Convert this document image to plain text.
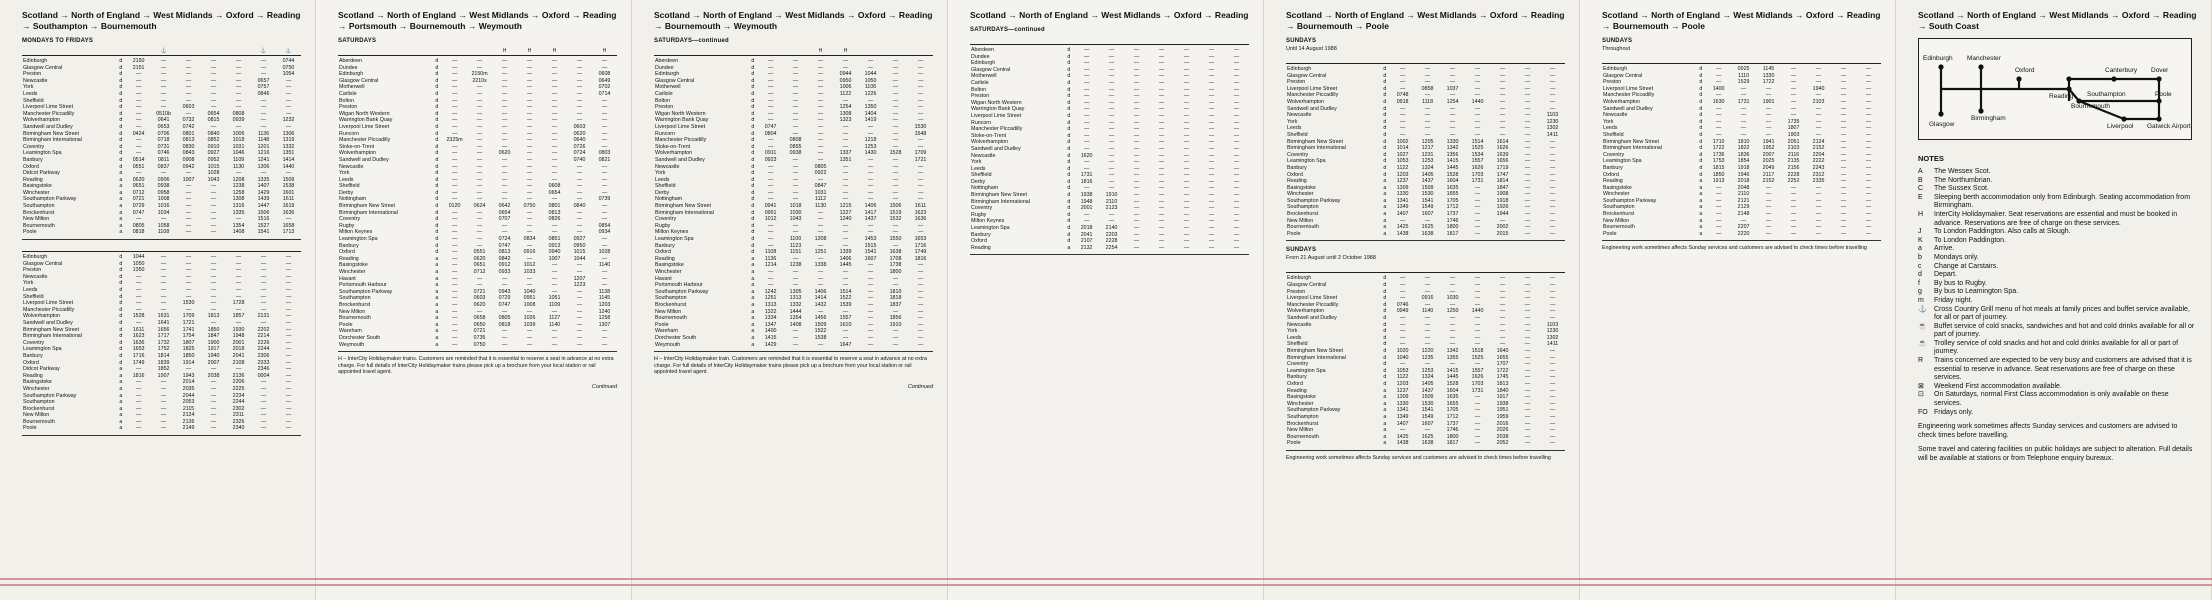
Scotland → North of England → West Midlands → Oxford → Reading → Southampton → Bournemouth
MONDAYS TO FRIDAYS
			⚓				⚓	⚓

Edinburgh	d	2150	—	—	—	—	—	0744
Glasgow Central	d	2151	—	—	—	—	—	0750
Preston	d	—	—	—	—	—	—	1054
Newcastle	d	—	—	—	—	—	0657	—
York	d	—	—	—	—	—	0757	—
Leeds	d	—	—	—	—	—	0846	—
Sheffield	d	—	—	—	—	—	—	—
Liverpool Lime Street	d	—	—	0603	—	—	—	—
Manchester Piccadilly	d	—	0510b	—	0654	0808	—	—
Wolverhampton	d	—	0641	0732	0815	0939	—	1232
Sandwell and Dudley	d	—	0653	0742	—	—	—	—
Birmingham New Street	d	0424	0706	0801	0840	1006	1136	1306
Birmingham International	d	—	0718	0813	0852	1018	1148	1319
Coventry	d	—	0731	0830	0910	1031	1201	1332
Leamington Spa	d	—	0746	0843	0927	1046	1216	1351
Banbury	d	0514	0811	0908	0952	1109	1241	1414
Oxford	d	0551	0837	0942	1015	1130	1306	1440
Didcot Parkway	a	—	—	—	1028	—	—	—
Reading	a	0620	0906	1007	1043	1208	1335	1509
Basingstoke	a	0651	0938	—	—	1238	1407	1538
Winchester	a	0712	0958	—	—	1258	1429	1601
Southampton Parkway	a	0721	1008	—	—	1308	1439	1611
Southampton	a	0729	1016	—	—	1316	1447	1619
Brockenhurst	a	0747	1034	—	—	1335	1506	1636
New Milton	a	—	—	—	—	—	1516	—
Bournemouth	a	0805	1058	—	—	1354	1527	1658
Poole	a	0818	1108	—	—	1408	1541	1713

Edinburgh	d	1044	—	—	—	—	—	—
Glasgow Central	d	1050	—	—	—	—	—	—
Preston	d	1350	—	—	—	—	—	—
Newcastle	d	—	—	—	—	—	—	—
York	d	—	—	—	—	—	—	—
Leeds	d	—	—	—	—	—	—	—
Sheffield	d	—	—	—	—	—	—	—
Liverpool Lime Street	d	—	—	1530	—	1728	—	—
Manchester Piccadilly	d	—	—	—	—	—	—	—
Wolverhampton	d	1528	1631	1709	1813	1857	2131	—
Sandwell and Dudley	d	—	1641	1721	—	—	—	—
Birmingham New Street	d	1611	1656	1741	1850	1930	2202	—
Birmingham International	d	1623	1717	1754	1847	1948	2214	—
Coventry	d	1636	1732	1807	1900	2001	2226	—
Leamington Spa	d	1653	1752	1825	1917	2018	2244	—
Banbury	d	1716	1814	1850	1940	2041	2306	—
Oxford	d	1749	1839	1914	2007	2108	2333	—
Didcot Parkway	a	—	1852	—	—	—	2346	—
Reading	a	1816	1907	1943	2038	2136	0004	—
Basingstoke	a	—	—	2014	—	2206	—	—
Winchester	a	—	—	2035	—	2225	—	—
Southampton Parkway	a	—	—	2044	—	2234	—	—
Southampton	a	—	—	2053	—	2244	—	—
Brockenhurst	a	—	—	2115	—	2302	—	—
New Milton	a	—	—	2124	—	2311	—	—
Bournemouth	a	—	—	2136	—	2326	—	—
Poole	a	—	—	2149	—	2340	—	—
Scotland → North of England → West Midlands → Oxford → Reading → Portsmouth → Bournemouth → Weymouth
SATURDAYS
				H	H	H		H

Aberdeen	d	—	—	—	—	—	—	—
Dundee	d	—	—	—	—	—	—	—
Edinburgh	d	—	2150m	—	—	—	—	0608
Glasgow Central	d	—	2210s	—	—	—	—	0649
Motherwell	d	—	—	—	—	—	—	0702
Carlisle	d	—	—	—	—	—	—	0714
Bolton	d	—	—	—	—	—	—	—
Preston	d	—	—	—	—	—	—	—
Wigan North Western	d	—	—	—	—	—	—	—
Warrington Bank Quay	d	—	—	—	—	—	—	—
Liverpool Lime Street	d	—	—	—	—	—	0603	—
Runcorn	d	—	—	—	—	—	0620	—
Manchester Piccadilly	d	2325m	—	—	—	—	0640	—
Stoke-on-Trent	d	—	—	—	—	—	0726	—
Wolverhampton	d	—	—	0620	—	—	0724	0803
Sandwell and Dudley	d	—	—	—	—	—	0740	0821
Newcastle	d	—	—	—	—	—	—	—
York	d	—	—	—	—	—	—	—
Leeds	d	—	—	—	—	—	—	—
Sheffield	d	—	—	—	—	0608	—	—
Derby	d	—	—	—	—	0654	—	—
Nottingham	d	—	—	—	—	—	—	0739
Birmingham New Street	d	0120	0624	0642	0750	0801	0840	—
Birmingham International	d	—	—	0654	—	0813	—	—
Coventry	d	—	—	0707	—	0826	—	—
Rugby	d	—	—	—	—	—	—	0854
Milton Keynes	d	—	—	—	—	—	—	0934
Leamington Spa	d	—	—	0724	0834	0851	0927	—
Banbury	d	—	—	0747	—	0913	0950	—
Oxford	d	—	0551	0813	0916	0940	1015	1028
Reading	a	—	0620	0842	—	1007	1044	—
Basingstoke	a	—	0651	0912	1012	—	—	1140
Winchester	a	—	0712	0933	1033	—	—	—
Havant	a	—	—	—	—	—	1207	—
Portsmouth Harbour	a	—	—	—	—	—	1223	—
Southampton Parkway	a	—	0721	0943	1040	—	—	1138
Southampton	a	—	0603	0729	0951	1051	—	1145
Brockenhurst	a	—	0620	0747	1008	1109	—	1203
New Milton	a	—	—	—	—	—	—	1240
Bournemouth	a	—	0658	0805	1026	1127	—	1258
Poole	a	—	0650	0818	1039	1140	—	1307
Wareham	a	—	0721	—	—	—	—	—
Dorchester South	a	—	0735	—	—	—	—	—
Weymouth	a	—	0750	—	—	—	—	—
H – InterCity Holidaymaker trains. Customers are reminded that it is essential to reserve a seat in advance at no extra charge. For full details of InterCity Holidaymaker trains please pick up a brochure from your local station or rail appointed travel agent.
Continued
Scotland → North of England → West Midlands → Oxford → Reading → Bournemouth → Weymouth
SATURDAYS—continued
				H	H			

Aberdeen	d	—	—	—	—	—	—	—
Dundee	d	—	—	—	—	—	—	—
Edinburgh	d	—	—	—	0944	1044	—	—
Glasgow Central	d	—	—	—	0950	1050	—	—
Motherwell	d	—	—	—	1006	1106	—	—
Carlisle	d	—	—	—	1122	1226	—	—
Bolton	d	—	—	—	—	—	—	—
Preston	d	—	—	—	1254	1350	—	—
Wigan North Western	d	—	—	—	1308	1404	—	—
Warrington Bank Quay	d	—	—	—	1323	1419	—	—
Liverpool Lime Street	d	0747	—	—	—	—	—	1530
Runcorn	d	0804	—	—	—	—	—	1548
Manchester Piccadilly	d	—	0808	—	—	1218	—	—
Stoke-on-Trent	d	—	0855	—	—	1253	—	—
Wolverhampton	d	0911	0938	—	1337	1430	1528	1709
Sandwell and Dudley	d	0923	—	—	1351	—	—	1721
Newcastle	d	—	—	0805	—	—	—	—
York	d	—	—	0922	—	—	—	—
Leeds	d	—	—	—	—	—	—	—
Sheffield	d	—	—	0847	—	—	—	—
Derby	d	—	—	1031	—	—	—	—
Nottingham	d	—	—	1112	—	—	—	—
Birmingham New Street	d	0941	1018	1130	1215	1406	1506	1611
Birmingham International	d	0951	1030	—	1227	1417	1519	1623
Coventry	d	1012	1043	—	1240	1437	1532	1636
Rugby	d	—	—	—	—	—	—	—
Milton Keynes	d	—	—	—	—	—	—	—
Leamington Spa	d	—	1100	1208	—	1453	1550	1653
Banbury	d	—	1123	—	—	1515	—	1716
Oxford	d	1108	1151	1251	1339	1541	1638	1749
Reading	a	1136	—	—	1406	1607	1708	1816
Basingstoke	a	1214	1238	1338	1445	—	1738	—
Winchester	a	—	—	—	—	—	1800	—
Havant	a	—	—	—	—	—	—	—
Portsmouth Harbour	a	—	—	—	—	—	—	—
Southampton Parkway	a	1242	1305	1406	1514	—	1810	—
Southampton	a	1251	1313	1414	1522	—	1818	—
Brockenhurst	a	1313	1332	1432	1539	—	1837	—
New Milton	a	1322	1444	—	—	—	—	—
Bournemouth	a	1334	1354	1456	1557	—	1856	—
Poole	a	1347	1408	1509	1610	—	1910	—
Wareham	a	1400	—	1522	—	—	—	—
Dorchester South	a	1415	—	1538	—	—	—	—
Weymouth	a	1429	—	—	1647	—	—	—
H – InterCity Holidaymaker train. Customers are reminded that it is essential to reserve a seat in advance at no extra charge. For full details of InterCity Holidaymaker trains please pick up a brochure from your local station or rail appointed travel agent.
Continued
Scotland → North of England → West Midlands → Oxford → Reading
SATURDAYS—continued

Aberdeen	d	—	—	—	—	—	—	—
Dundee	d	—	—	—	—	—	—	—
Edinburgh	d	—	—	—	—	—	—	—
Glasgow Central	d	—	—	—	—	—	—	—
Motherwell	d	—	—	—	—	—	—	—
Carlisle	d	—	—	—	—	—	—	—
Bolton	d	—	—	—	—	—	—	—
Preston	d	—	—	—	—	—	—	—
Wigan North Western	d	—	—	—	—	—	—	—
Warrington Bank Quay	d	—	—	—	—	—	—	—
Liverpool Lime Street	d	—	—	—	—	—	—	—
Runcorn	d	—	—	—	—	—	—	—
Manchester Piccadilly	d	—	—	—	—	—	—	—
Stoke-on-Trent	d	—	—	—	—	—	—	—
Wolverhampton	d	—	—	—	—	—	—	—
Sandwell and Dudley	d	—	—	—	—	—	—	—
Newcastle	d	1620	—	—	—	—	—	—
York	d	—	—	—	—	—	—	—
Leeds	d	—	—	—	—	—	—	—
Sheffield	d	1731	—	—	—	—	—	—
Derby	d	1816	—	—	—	—	—	—
Nottingham	d	—	—	—	—	—	—	—
Birmingham New Street	d	1938	1910	—	—	—	—	—
Birmingham International	d	1948	2110	—	—	—	—	—
Coventry	d	2001	2123	—	—	—	—	—
Rugby	d	—	—	—	—	—	—	—
Milton Keynes	d	—	—	—	—	—	—	—
Leamington Spa	d	2018	2140	—	—	—	—	—
Banbury	d	2041	2203	—	—	—	—	—
Oxford	d	2107	2228	—	—	—	—	—
Reading	a	2132	2254	—	—	—	—	—
Scotland → North of England → West Midlands → Oxford → Reading → Bournemouth → Poole
SUNDAYS
Until 14 August 1988

Edinburgh	d	—	—	—	—	—	—	—
Glasgow Central	d	—	—	—	—	—	—	—
Preston	d	—	—	—	—	—	—	—
Liverpool Lime Street	d	—	0858	1037	—	—	—	—
Manchester Piccadilly	d	0748	—	—	—	—	—	—
Wolverhampton	d	0918	1118	1254	1440	—	—	—
Sandwell and Dudley	d	—	—	—	—	—	—	—
Newcastle	d	—	—	—	—	—	—	1103
York	d	—	—	—	—	—	—	1230
Leeds	d	—	—	—	—	—	—	1302
Sheffield	d	—	—	—	—	—	—	1411
Birmingham New Street	d	1002	1205	1330	1514	1614	—	—
Birmingham International	d	1014	1217	1342	1525	1626	—	—
Coventry	d	1027	1231	1356	1534	1639	—	—
Leamington Spa	d	1053	1253	1415	1557	1656	—	—
Banbury	d	1122	1324	1445	1626	1719	—	—
Oxford	d	1203	1405	1528	1703	1747	—	—
Reading	a	1237	1437	1604	1731	1814	—	—
Basingstoke	a	1309	1509	1635	—	1847	—	—
Winchester	a	1330	1530	1655	—	1908	—	—
Southampton Parkway	a	1341	1541	1705	—	1918	—	—
Southampton	a	1349	1549	1712	—	1926	—	—
Brockenhurst	a	1407	1607	1737	—	1944	—	—
New Milton	a	—	—	1746	—	—	—	—
Bournemouth	a	1425	1625	1800	—	2002	—	—
Poole	a	1438	1638	1817	—	2015	—	—
SUNDAYS
From 21 August until 2 October 1988

Edinburgh	d	—	—	—	—	—	—	—
Glasgow Central	d	—	—	—	—	—	—	—
Preston	d	—	—	—	—	—	—	—
Liverpool Lime Street	d	—	0916	1030	—	—	—	—
Manchester Piccadilly	d	0746	—	—	—	—	—	—
Wolverhampton	d	0949	1140	1250	1440	—	—	—
Sandwell and Dudley	d	—	—	—	—	—	—	—
Newcastle	d	—	—	—	—	—	—	1103
York	d	—	—	—	—	—	—	1230
Leeds	d	—	—	—	—	—	—	1302
Sheffield	d	—	—	—	—	—	—	1411
Birmingham New Street	d	1020	1220	1342	1518	1640	—	—
Birmingham International	d	1040	1235	1355	1525	1655	—	—
Coventry	d	—	—	—	—	1707	—	—
Leamington Spa	d	1053	1253	1415	1557	1722	—	—
Banbury	d	1122	1324	1445	1626	1745	—	—
Oxford	d	1203	1405	1528	1703	1813	—	—
Reading	a	1237	1437	1604	1731	1840	—	—
Basingstoke	a	1309	1509	1635	—	1917	—	—
Winchester	a	1330	1530	1655	—	1938	—	—
Southampton Parkway	a	1341	1541	1705	—	1951	—	—
Southampton	a	1349	1549	1712	—	1959	—	—
Brockenhurst	a	1407	1607	1737	—	2016	—	—
New Milton	a	—	—	1746	—	2026	—	—
Bournemouth	a	1425	1625	1800	—	2038	—	—
Poole	a	1438	1638	1817	—	2052	—	—
Engineering work sometimes affects Sunday services and customers are advised to check times before travelling
Scotland → North of England → West Midlands → Oxford → Reading → Bournemouth → Poole
SUNDAYS
Throughout

Edinburgh	d	—	0925	1145	—	—	—	—
Glasgow Central	d	—	1110	1330	—	—	—	—
Preston	d	—	1529	1722	—	—	—	—
Liverpool Lime Street	d	1400	—	—	—	1940	—	—
Manchester Piccadilly	d	—	—	—	—	—	—	—
Wolverhampton	d	1630	1731	1901	—	2103	—	—
Sandwell and Dudley	d	—	—	—	—	—	—	—
Newcastle	d	—	—	—	—	—	—	—
York	d	—	—	—	1735	—	—	—
Leeds	d	—	—	—	1807	—	—	—
Sheffield	d	—	—	—	1903	—	—	—
Birmingham New Street	d	1710	1810	1941	2051	2124	—	—
Birmingham International	d	1722	1822	1952	2103	2152	—	—
Coventry	d	1736	1836	2007	2116	2204	—	—
Leamington Spa	d	1753	1854	2025	2135	2222	—	—
Banbury	d	1815	1918	2049	2156	2243	—	—
Oxford	d	1850	1946	2117	2228	2312	—	—
Reading	a	1913	2018	2152	2252	2335	—	—
Basingstoke	a	—	2048	—	—	—	—	—
Winchester	a	—	2110	—	—	—	—	—
Southampton Parkway	a	—	2121	—	—	—	—	—
Southampton	a	—	2129	—	—	—	—	—
Brockenhurst	a	—	2148	—	—	—	—	—
New Milton	a	—	—	—	—	—	—	—
Bournemouth	a	—	2207	—	—	—	—	—
Poole	a	—	2220	—	—	—	—	—
Engineering work sometimes affects Sunday services and customers are advised to check times before travelling
Scotland → North of England → West Midlands → Oxford → Reading → South Coast
Edinburgh Manchester
Oxford	Canterbury Dover
Birmingham
Reading Southampton	Poole
Glasgow	Liverpool Gatwick Airport
Bournemouth
NOTES
A	The Wessex Scot.
B	The Northumbrian.
C	The Sussex Scot.
E	Sleeping berth accommodation only from Edinburgh. Seating accommodation from Birmingham.
H	InterCity Holidaymaker. Seat reservations are essential and must be booked in advance. Reservations are free of charge on these services.
J	To London Paddington. Also calls at Slough.
K	To London Paddington.
a	Arrive.
b	Mondays only.
c	Change at Carstairs.
d	Depart.
f	By bus to Rugby.
g	By bus to Leamington Spa.
m	Friday night.
⚓	Cross Country Grill menu of hot meals at family prices and buffet service available, for all or part of journey.
☕	Buffet service of cold snacks, sandwiches and hot and cold drinks available for all or part of journey.
☕	Trolley service of cold snacks and hot and cold drinks available for all or part of journey.
R	Trains concerned are expected to be very busy and customers are advised that it is essential to reserve in advance. Seat reservations are free of charge on these services.
⊠	Weekend First accommodation available.
⊡	On Saturdays, normal First Class accommodation is only available on these services.
FO Fridays only.
Engineering work sometimes affects Sunday services and customers are advised to check times before travelling.
Some travel and catering facilities on public holidays are subject to alteration. Full details will be available at stations or from Telephone enquiry bureaux.
